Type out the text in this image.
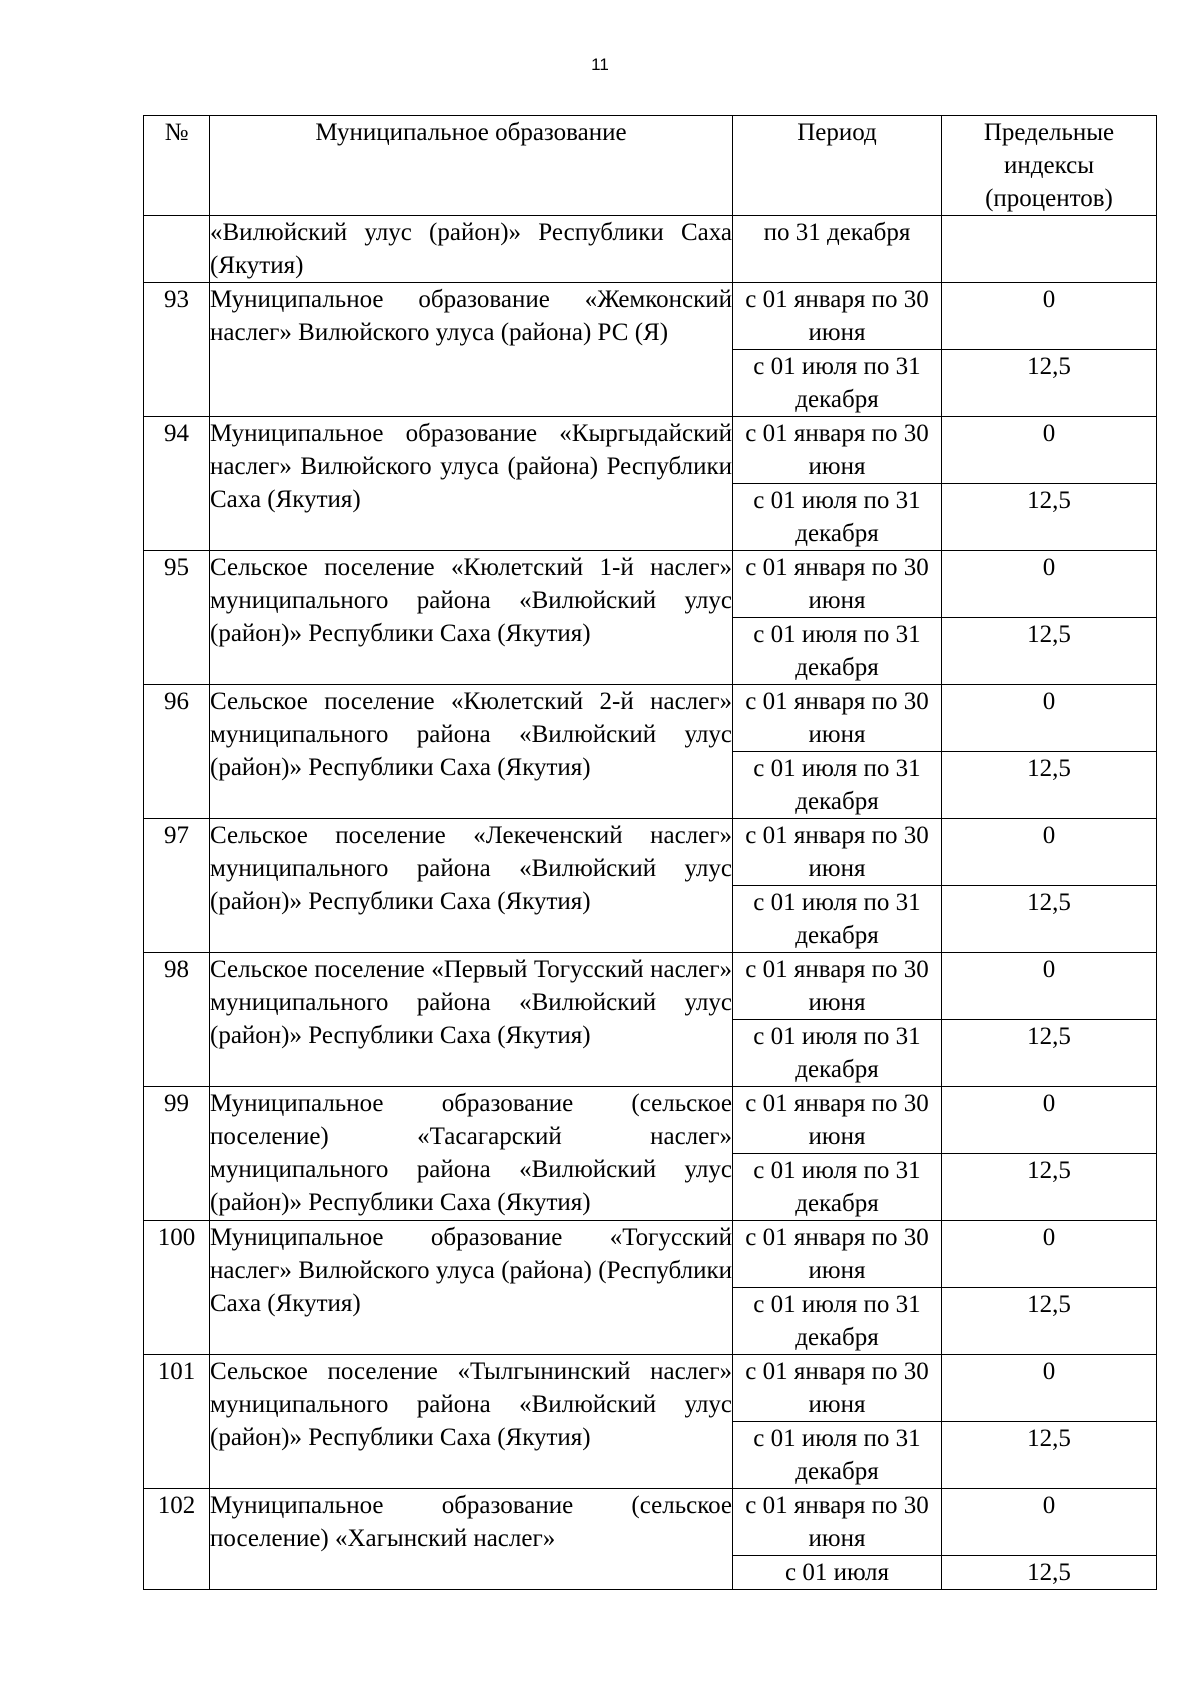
11
№	Муниципальное образование	Период	Предельные индексы (процентов)
	«Вилюйский улус (район)» Республики Саха (Якутия)	по 31 декабря	
93	Муниципальное образование «Жемконский наслег» Вилюйского улуса (района) РС (Я)	с 01 января по 30 июня	0
		с 01 июля по 31 декабря	12,5
94	Муниципальное образование «Кыргыдайский наслег» Вилюйского улуса (района) Республики Саха (Якутия)	с 01 января по 30 июня	0
		с 01 июля по 31 декабря	12,5
95	Сельское поселение «Кюлетский 1-й наслег» муниципального района «Вилюйский улус (район)» Республики Саха (Якутия)	с 01 января по 30 июня	0
		с 01 июля по 31 декабря	12,5
96	Сельское поселение «Кюлетский 2-й наслег» муниципального района «Вилюйский улус (район)» Республики Саха (Якутия)	с 01 января по 30 июня	0
		с 01 июля по 31 декабря	12,5
97	Сельское поселение «Лекеченский наслег» муниципального района «Вилюйский улус (район)» Республики Саха (Якутия)	с 01 января по 30 июня	0
		с 01 июля по 31 декабря	12,5
98	Сельское поселение «Первый Тогусский наслег» муниципального района «Вилюйский улус (район)» Республики Саха (Якутия)	с 01 января по 30 июня	0
		с 01 июля по 31 декабря	12,5
99	Муниципальное образование (сельское поселение) «Тасагарский наслег» муниципального района «Вилюйский улус (район)» Республики Саха (Якутия)	с 01 января по 30 июня	0
		с 01 июля по 31 декабря	12,5
100	Муниципальное образование «Тогусский наслег» Вилюйского улуса (района) (Республики Саха (Якутия)	с 01 января по 30 июня	0
		с 01 июля по 31 декабря	12,5
101	Сельское поселение «Тылгынинский наслег» муниципального района «Вилюйский улус (район)» Республики Саха (Якутия)	с 01 января по 30 июня	0
		с 01 июля по 31 декабря	12,5
102	Муниципальное образование (сельское поселение) «Хагынский наслег»	с 01 января по 30 июня	0
		с 01 июля	12,5
